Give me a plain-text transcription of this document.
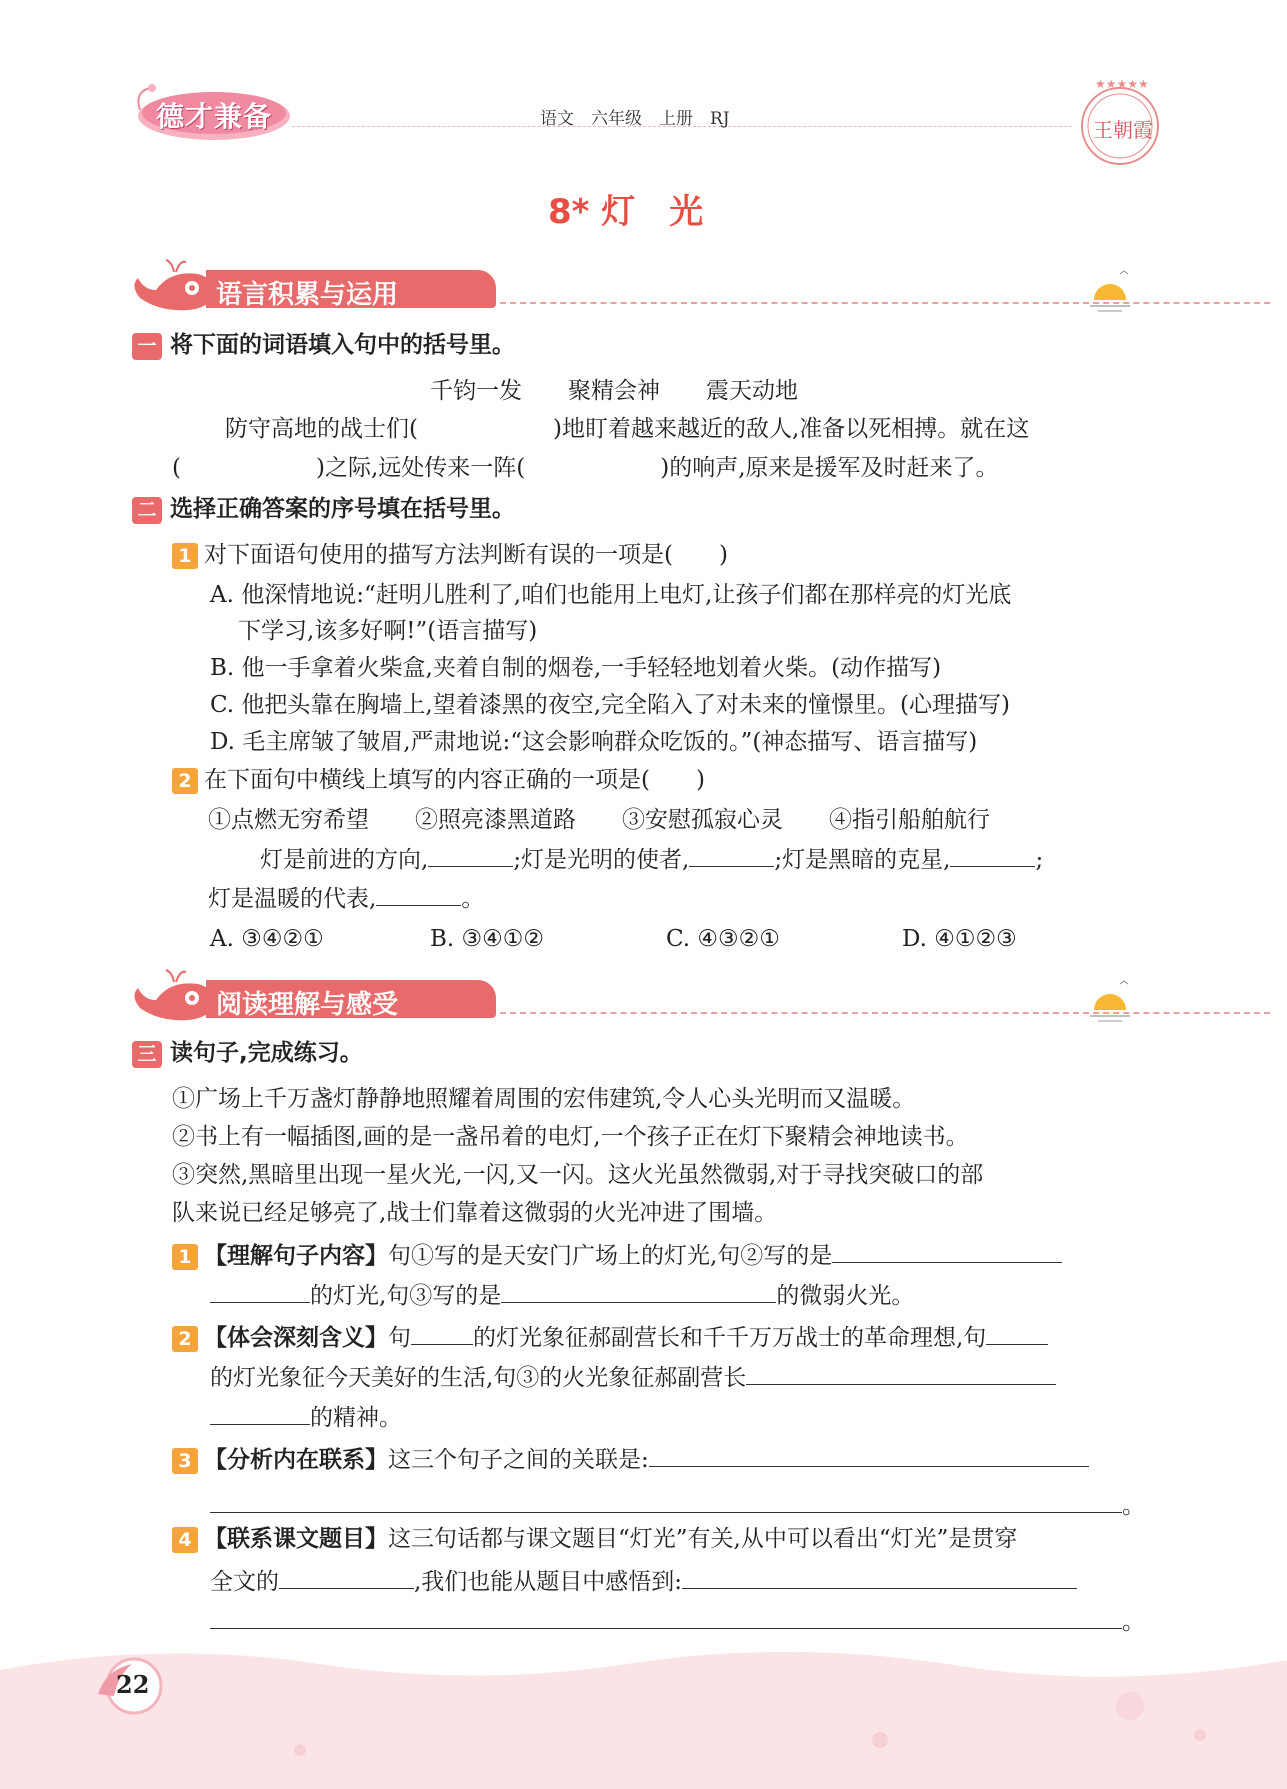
德才兼备	语文　六年级　上册　RJ
★★★★★
王朝霞
8* 灯　光
语言积累与运用
一 将下面的词语填入句中的括号里。
千钧一发　　聚精会神　　震天动地
防守高地的战士们(	)地盯着越来越近的敌人,准备以死相搏。就在这
(	)之际,远处传来一阵(	)的响声,原来是援军及时赶来了。
二 选择正确答案的序号填在括号里。
1 对下面语句使用的描写方法判断有误的一项是(　　)
A. 他深情地说:“赶明儿胜利了,咱们也能用上电灯,让孩子们都在那样亮的灯光底
下学习,该多好啊!”(语言描写)
B. 他一手拿着火柴盒,夹着自制的烟卷,一手轻轻地划着火柴。(动作描写)
C. 他把头靠在胸墙上,望着漆黑的夜空,完全陷入了对未来的憧憬里。(心理描写)
D. 毛主席皱了皱眉,严肃地说:“这会影响群众吃饭的。”(神态描写、语言描写)
2 在下面句中横线上填写的内容正确的一项是(　　)
①点燃无穷希望　　②照亮漆黑道路　　③安慰孤寂心灵　　④指引船舶航行
灯是前进的方向,	;灯是光明的使者,	;灯是黑暗的克星,	;
灯是温暖的代表,	。
A. ③④②①	B. ③④①②	C. ④③②①	D. ④①②③
阅读理解与感受
三 读句子,完成练习。
①广场上千万盏灯静静地照耀着周围的宏伟建筑,令人心头光明而又温暖。
②书上有一幅插图,画的是一盏吊着的电灯,一个孩子正在灯下聚精会神地读书。
③突然,黑暗里出现一星火光,一闪,又一闪。这火光虽然微弱,对于寻找突破口的部
队来说已经足够亮了,战士们靠着这微弱的火光冲进了围墙。
1 【理解句子内容】句①写的是天安门广场上的灯光,句②写的是
的灯光,句③写的是	的微弱火光。
2 【体会深刻含义】句	的灯光象征郝副营长和千千万万战士的革命理想,句
的灯光象征今天美好的生活,句③的火光象征郝副营长
的精神。
3 【分析内在联系】这三个句子之间的关联是:
。
4 【联系课文题目】这三句话都与课文题目“灯光”有关,从中可以看出“灯光”是贯穿
全文的	,我们也能从题目中感悟到:
。
22
